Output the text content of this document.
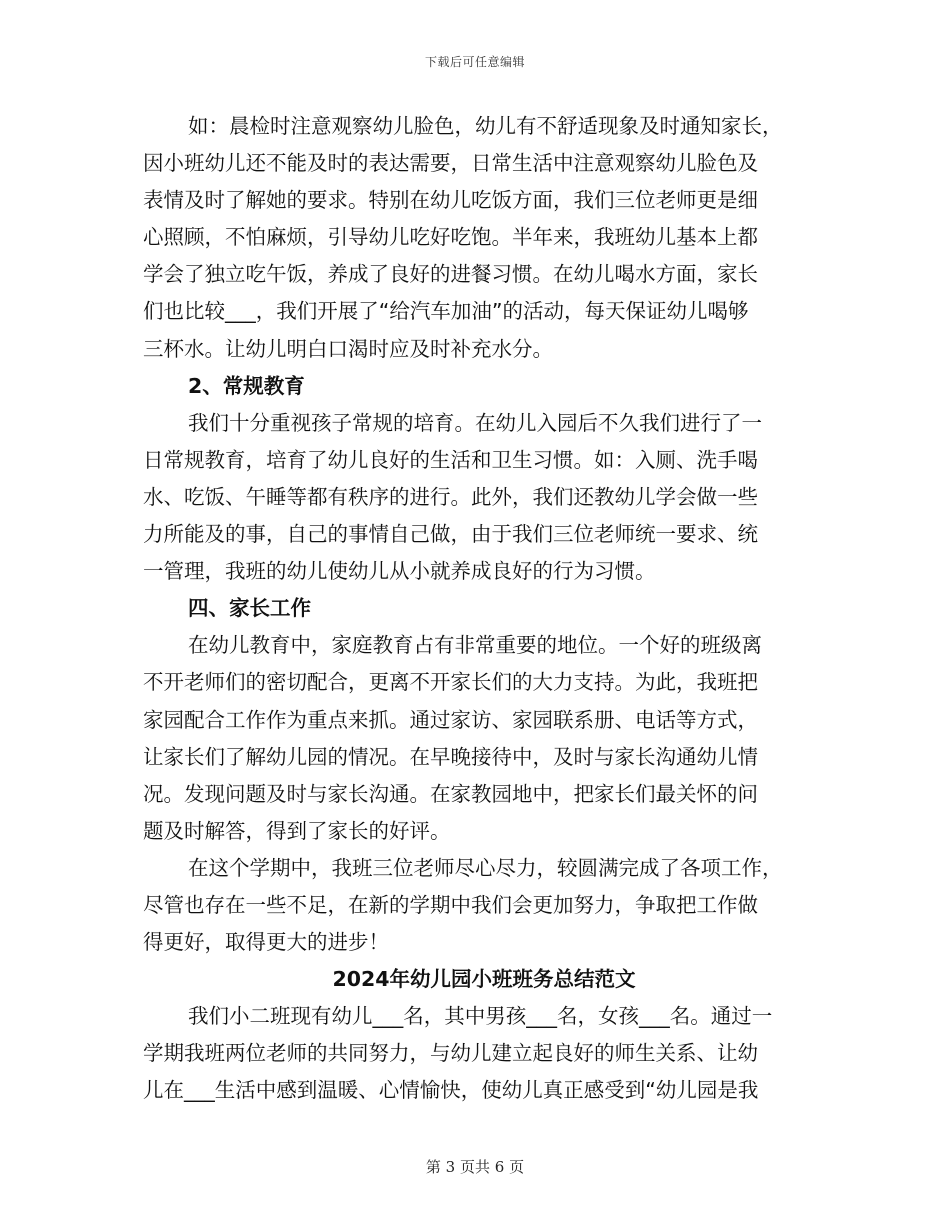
下载后可任意编辑
如：晨检时注意观察幼儿脸色，幼儿有不舒适现象及时通知家长，
因小班幼儿还不能及时的表达需要，日常生活中注意观察幼儿脸色及
表情及时了解她的要求。特别在幼儿吃饭方面，我们三位老师更是细
心照顾，不怕麻烦，引导幼儿吃好吃饱。半年来，我班幼儿基本上都
学会了独立吃午饭，养成了良好的进餐习惯。在幼儿喝水方面，家长
们也比较___，我们开展了“给汽车加油”的活动，每天保证幼儿喝够
三杯水。让幼儿明白口渴时应及时补充水分。
2、常规教育
我们十分重视孩子常规的培育。在幼儿入园后不久我们进行了一
日常规教育，培育了幼儿良好的生活和卫生习惯。如：入厕、洗手喝
水、吃饭、午睡等都有秩序的进行。此外，我们还教幼儿学会做一些
力所能及的事，自己的事情自己做，由于我们三位老师统一要求、统
一管理，我班的幼儿使幼儿从小就养成良好的行为习惯。
四、家长工作
在幼儿教育中，家庭教育占有非常重要的地位。一个好的班级离
不开老师们的密切配合，更离不开家长们的大力支持。为此，我班把
家园配合工作作为重点来抓。通过家访、家园联系册、电话等方式，
让家长们了解幼儿园的情况。在早晚接待中，及时与家长沟通幼儿情
况。发现问题及时与家长沟通。在家教园地中，把家长们最关怀的问
题及时解答，得到了家长的好评。
在这个学期中，我班三位老师尽心尽力，较圆满完成了各项工作，
尽管也存在一些不足，在新的学期中我们会更加努力，争取把工作做
得更好，取得更大的进步！
2024年幼儿园小班班务总结范文
我们小二班现有幼儿___名，其中男孩___名，女孩___名。通过一
学期我班两位老师的共同努力，与幼儿建立起良好的师生关系、让幼
儿在___生活中感到温暖、心情愉快，使幼儿真正感受到“幼儿园是我
第 3 页共 6 页
